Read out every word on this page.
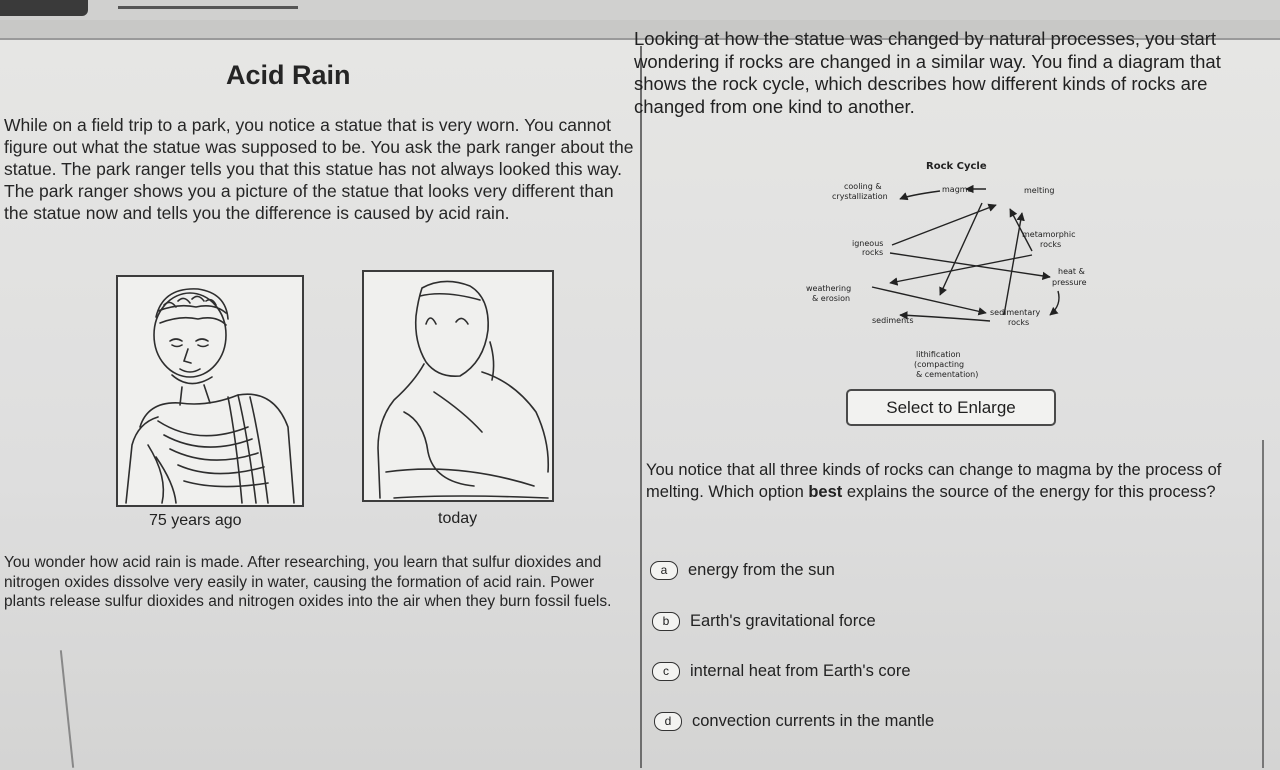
Acid Rain
While on a field trip to a park, you notice a statue that is very worn. You cannot figure out what the statue was supposed to be. You ask the park ranger about the statue. The park ranger tells you that this statue has not always looked this way. The park ranger shows you a picture of the statue that looks very different than the statue now and tells you the difference is caused by acid rain.
75 years ago	today
You wonder how acid rain is made. After researching, you learn that sulfur dioxides and nitrogen oxides dissolve very easily in water, causing the formation of acid rain. Power plants release sulfur dioxides and nitrogen oxides into the air when they burn fossil fuels.
Looking at how the statue was changed by natural processes, you start wondering if rocks are changed in a similar way. You find a diagram that shows the rock cycle, which describes how different kinds of rocks are changed from one kind to another.
Rock Cycle
cooling &
crystallization
magma	melting
igneous
rocks
metamorphic
rocks
heat &
pressure
weathering
& erosion
sedimentary
rocks
sediments
lithification
(compacting
& cementation)
Select to Enlarge
You notice that all three kinds of rocks can change to magma by the process of melting. Which option best explains the source of the energy for this process?
a	energy from the sun
b	Earth's gravitational force
c	internal heat from Earth's core
d	convection currents in the mantle
